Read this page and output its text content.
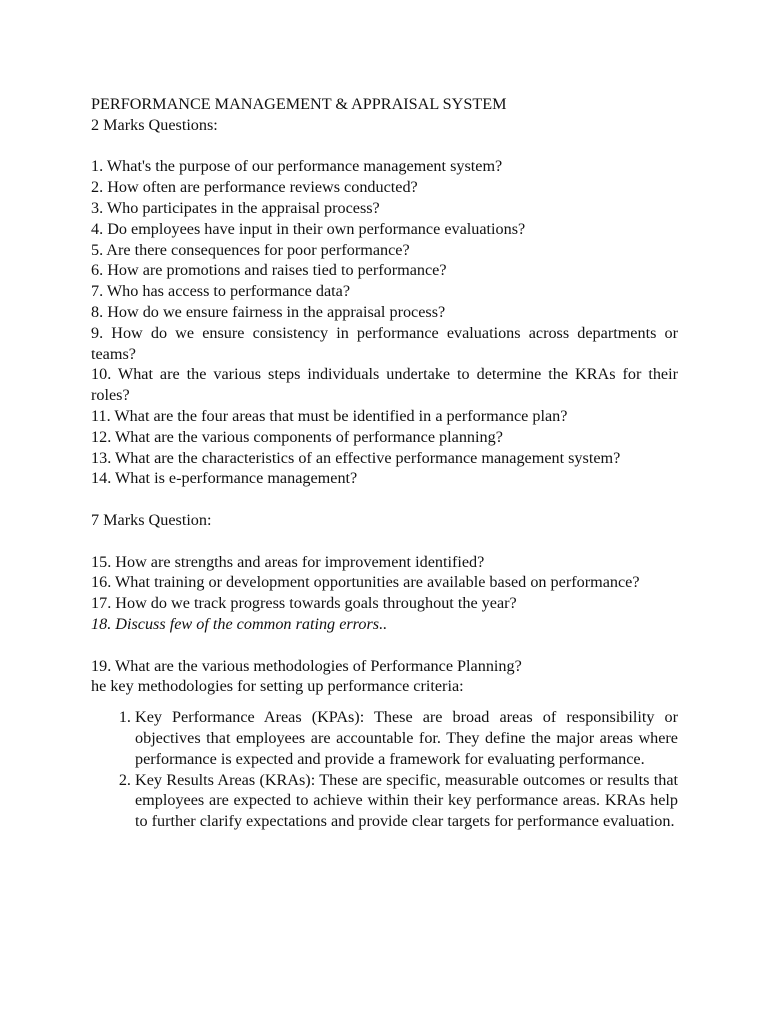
PERFORMANCE MANAGEMENT & APPRAISAL SYSTEM
2 Marks Questions:
1. What's the purpose of our performance management system?
2. How often are performance reviews conducted?
3. Who participates in the appraisal process?
4. Do employees have input in their own performance evaluations?
5. Are there consequences for poor performance?
6. How are promotions and raises tied to performance?
7. Who has access to performance data?
8. How do we ensure fairness in the appraisal process?
9. How do we ensure consistency in performance evaluations across departments or teams?
10. What are the various steps individuals undertake to determine the KRAs for their roles?
11. What are the four areas that must be identified in a performance plan?
12. What are the various components of performance planning?
13. What are the characteristics of an effective performance management system?
14. What is e-performance management?
7 Marks Question:
15. How are strengths and areas for improvement identified?
16. What training or development opportunities are available based on performance?
17. How do we track progress towards goals throughout the year?
18. Discuss few of the common rating errors..
19. What are the various methodologies of Performance Planning?
he key methodologies for setting up performance criteria:
1. Key Performance Areas (KPAs): These are broad areas of responsibility or objectives that employees are accountable for. They define the major areas where performance is expected and provide a framework for evaluating performance.
2. Key Results Areas (KRAs): These are specific, measurable outcomes or results that employees are expected to achieve within their key performance areas. KRAs help to further clarify expectations and provide clear targets for performance evaluation.
